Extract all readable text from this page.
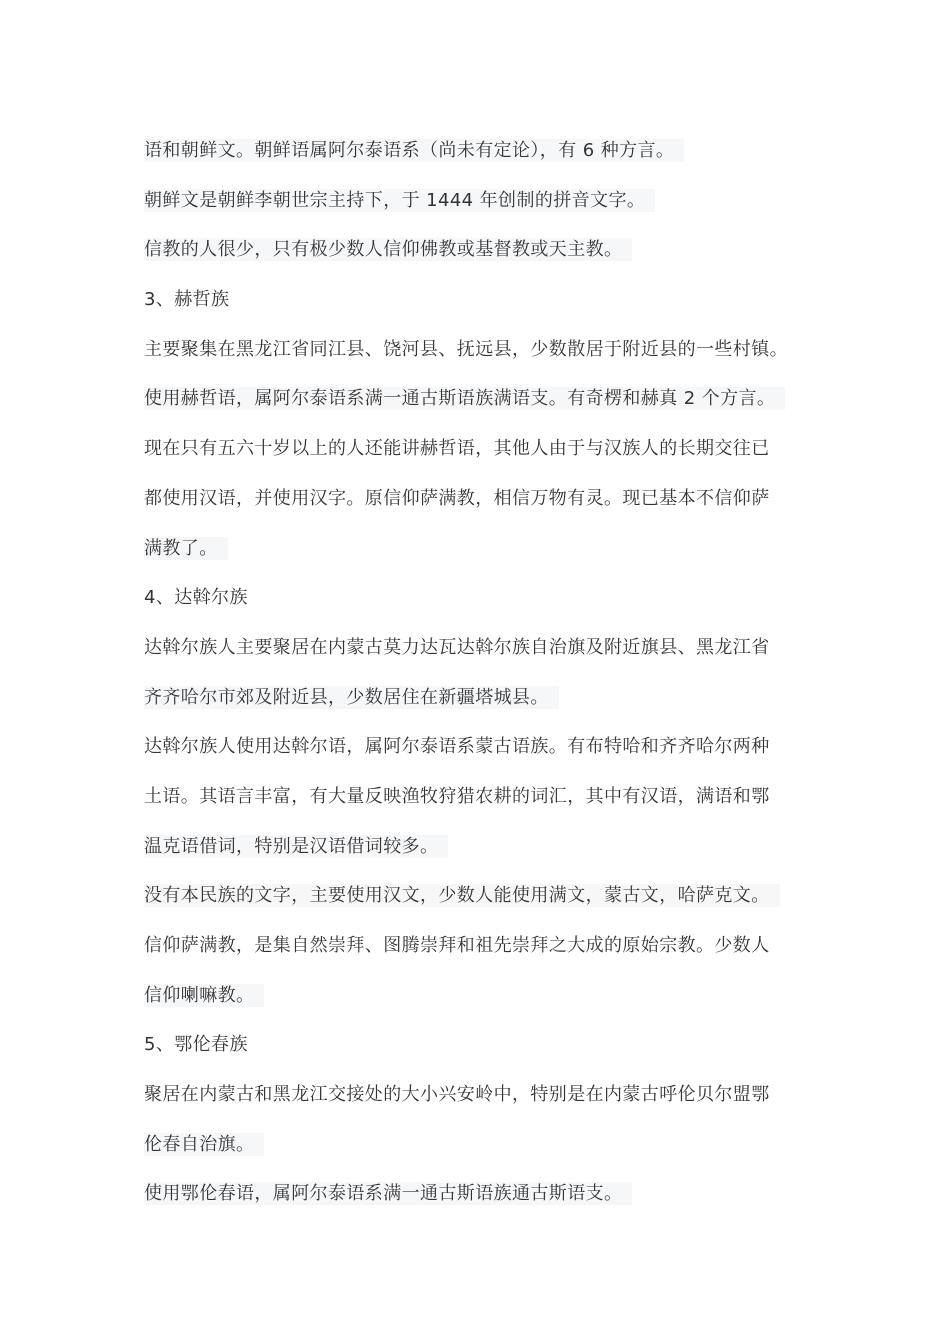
语和朝鲜文。朝鲜语属阿尔泰语系（尚未有定论），有 6 种方言。
朝鲜文是朝鲜李朝世宗主持下，于 1444 年创制的拼音文字。
信教的人很少，只有极少数人信仰佛教或基督教或天主教。
3、赫哲族
主要聚集在黑龙江省同江县、饶河县、抚远县，少数散居于附近县的一些村镇。
使用赫哲语，属阿尔泰语系满一通古斯语族满语支。有奇楞和赫真 2 个方言。
现在只有五六十岁以上的人还能讲赫哲语，其他人由于与汉族人的长期交往已
都使用汉语，并使用汉字。原信仰萨满教，相信万物有灵。现已基本不信仰萨
满教了。
4、达斡尔族
达斡尔族人主要聚居在内蒙古莫力达瓦达斡尔族自治旗及附近旗县、黑龙江省
齐齐哈尔市郊及附近县，少数居住在新疆塔城县。
达斡尔族人使用达斡尔语，属阿尔泰语系蒙古语族。有布特哈和齐齐哈尔两种
土语。其语言丰富，有大量反映渔牧狩猎农耕的词汇，其中有汉语，满语和鄂
温克语借词，特别是汉语借词较多。
没有本民族的文字，主要使用汉文，少数人能使用满文，蒙古文，哈萨克文。
信仰萨满教，是集自然崇拜、图腾崇拜和祖先崇拜之大成的原始宗教。少数人
信仰喇嘛教。
5、鄂伦春族
聚居在内蒙古和黑龙江交接处的大小兴安岭中，特别是在内蒙古呼伦贝尔盟鄂
伦春自治旗。
使用鄂伦春语，属阿尔泰语系满一通古斯语族通古斯语支。
